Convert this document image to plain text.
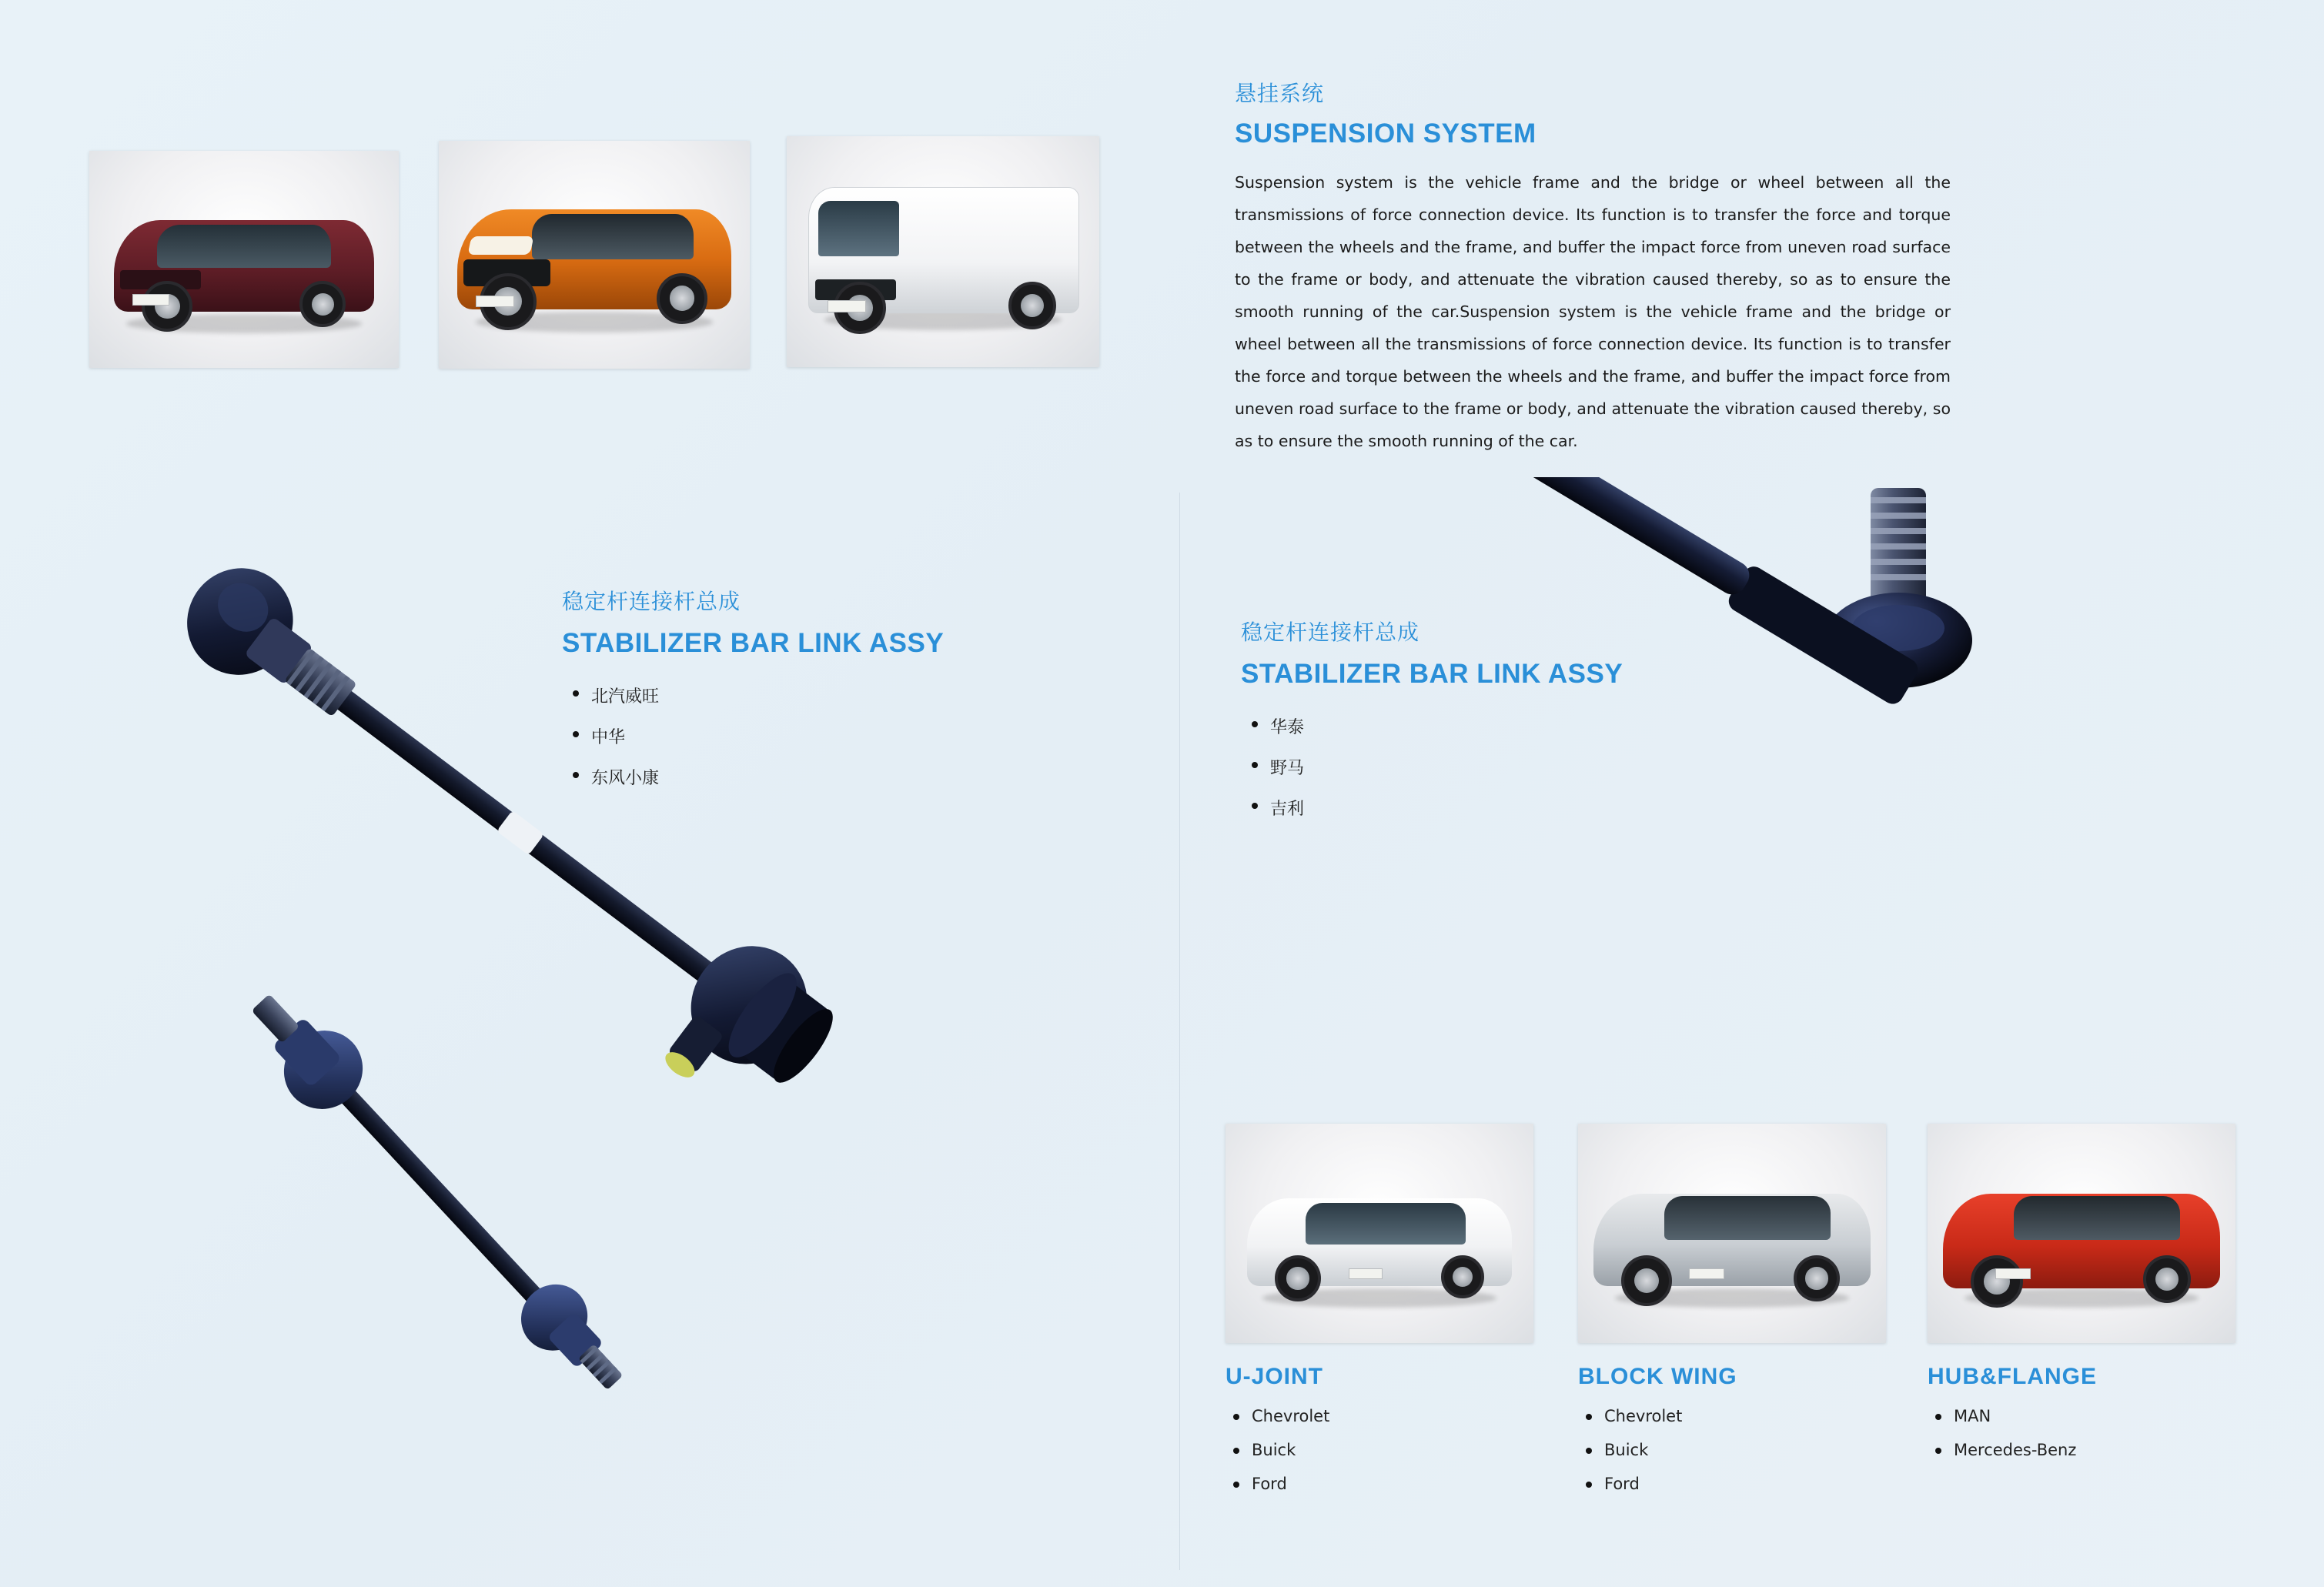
悬挂系统
SUSPENSION SYSTEM
Suspension system is the vehicle frame and the bridge or wheel between all the transmissions of force connection device. Its function is to transfer the force and torque between the wheels and the frame, and buffer the impact force from uneven road surface to the frame or body, and attenuate the vibration caused thereby, so as to ensure the smooth running of the car.Suspension system is the vehicle frame and the bridge or wheel between all the transmissions of force connection device. Its function is to transfer the force and torque between the wheels and the frame, and buffer the impact force from uneven road surface to the frame or body, and attenuate the vibration caused thereby, so as to ensure the smooth running of the car.
稳定杆连接杆总成
STABILIZER BAR LINK ASSY
北汽威旺
中华
东风小康
稳定杆连接杆总成
STABILIZER BAR LINK ASSY
华泰
野马
吉利
U-JOINT
Chevrolet
Buick
Ford
BLOCK WING
Chevrolet
Buick
Ford
HUB&FLANGE
MAN
Mercedes-Benz
